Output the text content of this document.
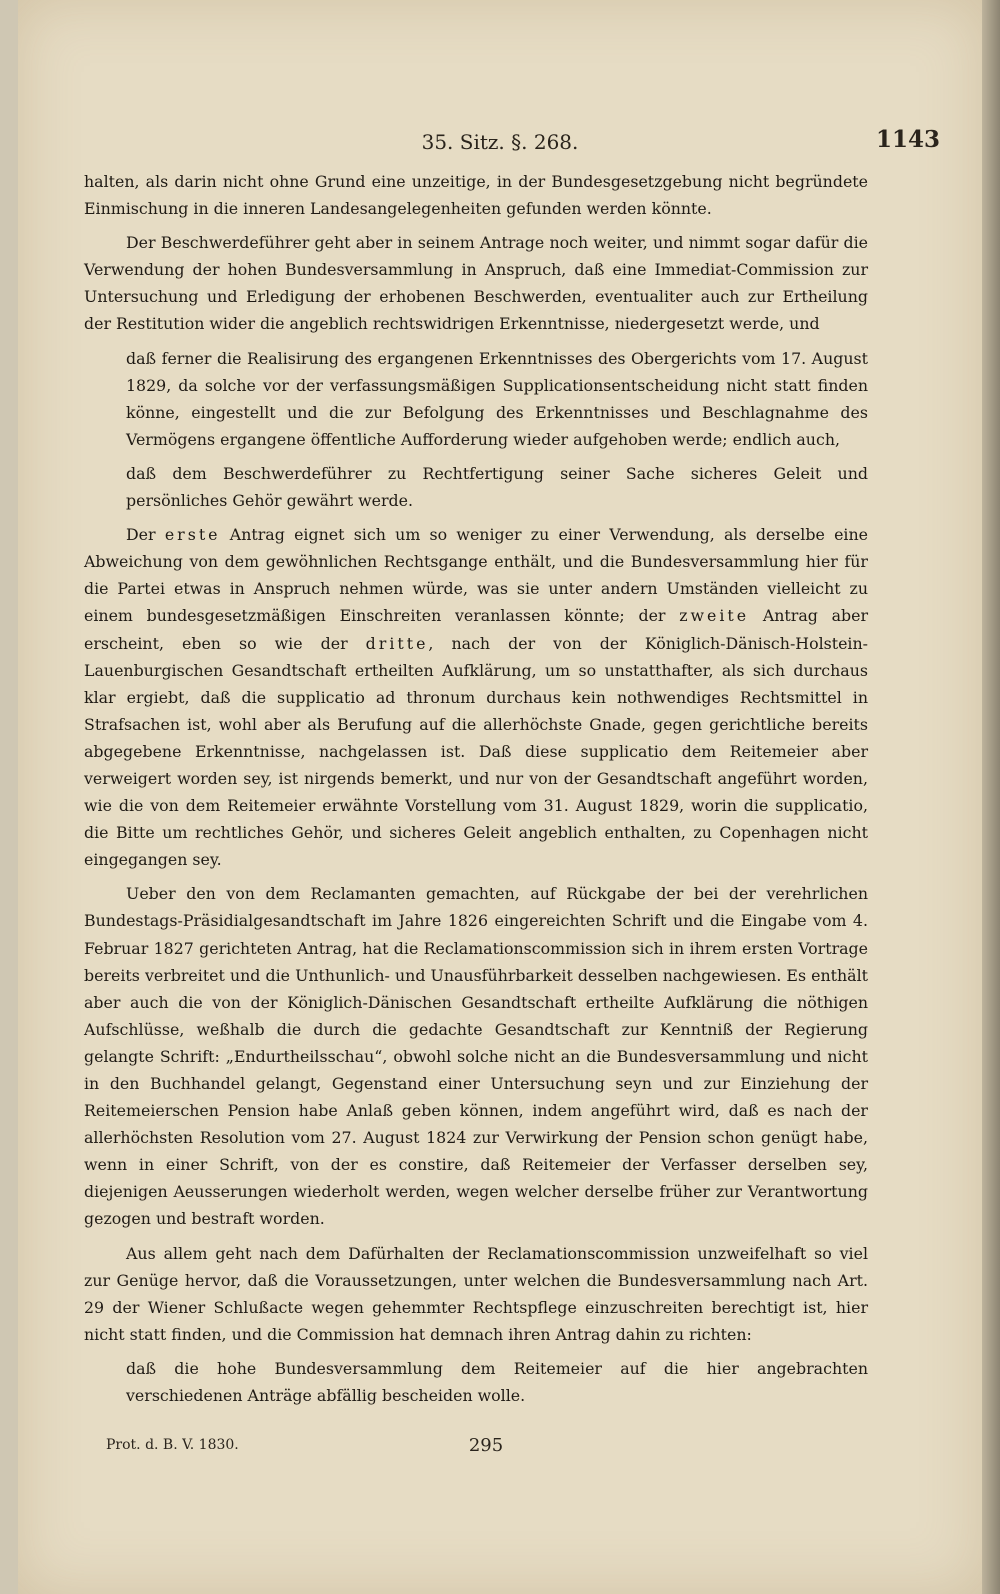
35. Sitz. §. 268.	1143

halten, als darin nicht ohne Grund eine unzeitige, in der Bundesgesetzgebung nicht begründete Einmischung in die inneren Landesangelegenheiten gefunden werden könnte.

Der Beschwerdeführer geht aber in seinem Antrage noch weiter, und nimmt sogar dafür die Verwendung der hohen Bundesversammlung in Anspruch, daß eine Immediat-Commission zur Untersuchung und Erledigung der erhobenen Beschwerden, eventualiter auch zur Ertheilung der Restitution wider die angeblich rechtswidrigen Erkenntnisse, niedergesetzt werde, und

daß ferner die Realisirung des ergangenen Erkenntnisses des Obergerichts vom 17. August 1829, da solche vor der verfassungsmäßigen Supplicationsentscheidung nicht statt finden könne, eingestellt und die zur Befolgung des Erkenntnisses und Beschlagnahme des Vermögens ergangene öffentliche Aufforderung wieder aufgehoben werde; endlich auch,

daß dem Beschwerdeführer zu Rechtfertigung seiner Sache sicheres Geleit und persönliches Gehör gewährt werde.

Der erste Antrag eignet sich um so weniger zu einer Verwendung, als derselbe eine Abweichung von dem gewöhnlichen Rechtsgange enthält, und die Bundesversammlung hier für die Partei etwas in Anspruch nehmen würde, was sie unter andern Umständen vielleicht zu einem bundesgesetzmäßigen Einschreiten veranlassen könnte; der zweite Antrag aber erscheint, eben so wie der dritte, nach der von der Königlich-Dänisch-Holstein-Lauenburgischen Gesandtschaft ertheilten Aufklärung, um so unstatthafter, als sich durchaus klar ergiebt, daß die supplicatio ad thronum durchaus kein nothwendiges Rechtsmittel in Strafsachen ist, wohl aber als Berufung auf die allerhöchste Gnade, gegen gerichtliche bereits abgegebene Erkenntnisse, nachgelassen ist. Daß diese supplicatio dem Reitemeier aber verweigert worden sey, ist nirgends bemerkt, und nur von der Gesandtschaft angeführt worden, wie die von dem Reitemeier erwähnte Vorstellung vom 31. August 1829, worin die supplicatio, die Bitte um rechtliches Gehör, und sicheres Geleit angeblich enthalten, zu Copenhagen nicht eingegangen sey.

Ueber den von dem Reclamanten gemachten, auf Rückgabe der bei der verehrlichen Bundestags-Präsidialgesandtschaft im Jahre 1826 eingereichten Schrift und die Eingabe vom 4. Februar 1827 gerichteten Antrag, hat die Reclamationscommission sich in ihrem ersten Vortrage bereits verbreitet und die Unthunlich- und Unausführbarkeit desselben nachgewiesen. Es enthält aber auch die von der Königlich-Dänischen Gesandtschaft ertheilte Aufklärung die nöthigen Aufschlüsse, weßhalb die durch die gedachte Gesandtschaft zur Kenntniß der Regierung gelangte Schrift: „Endurtheilsschau“, obwohl solche nicht an die Bundesversammlung und nicht in den Buchhandel gelangt, Gegenstand einer Untersuchung seyn und zur Einziehung der Reitemeierschen Pension habe Anlaß geben können, indem angeführt wird, daß es nach der allerhöchsten Resolution vom 27. August 1824 zur Verwirkung der Pension schon genügt habe, wenn in einer Schrift, von der es constire, daß Reitemeier der Verfasser derselben sey, diejenigen Aeusserungen wiederholt werden, wegen welcher derselbe früher zur Verantwortung gezogen und bestraft worden.

Aus allem geht nach dem Dafürhalten der Reclamationscommission unzweifelhaft so viel zur Genüge hervor, daß die Voraussetzungen, unter welchen die Bundesversammlung nach Art. 29 der Wiener Schlußacte wegen gehemmter Rechtspflege einzuschreiten berechtigt ist, hier nicht statt finden, und die Commission hat demnach ihren Antrag dahin zu richten:

daß die hohe Bundesversammlung dem Reitemeier auf die hier angebrachten verschiedenen Anträge abfällig bescheiden wolle.

Prot. d. B. V. 1830.	295
